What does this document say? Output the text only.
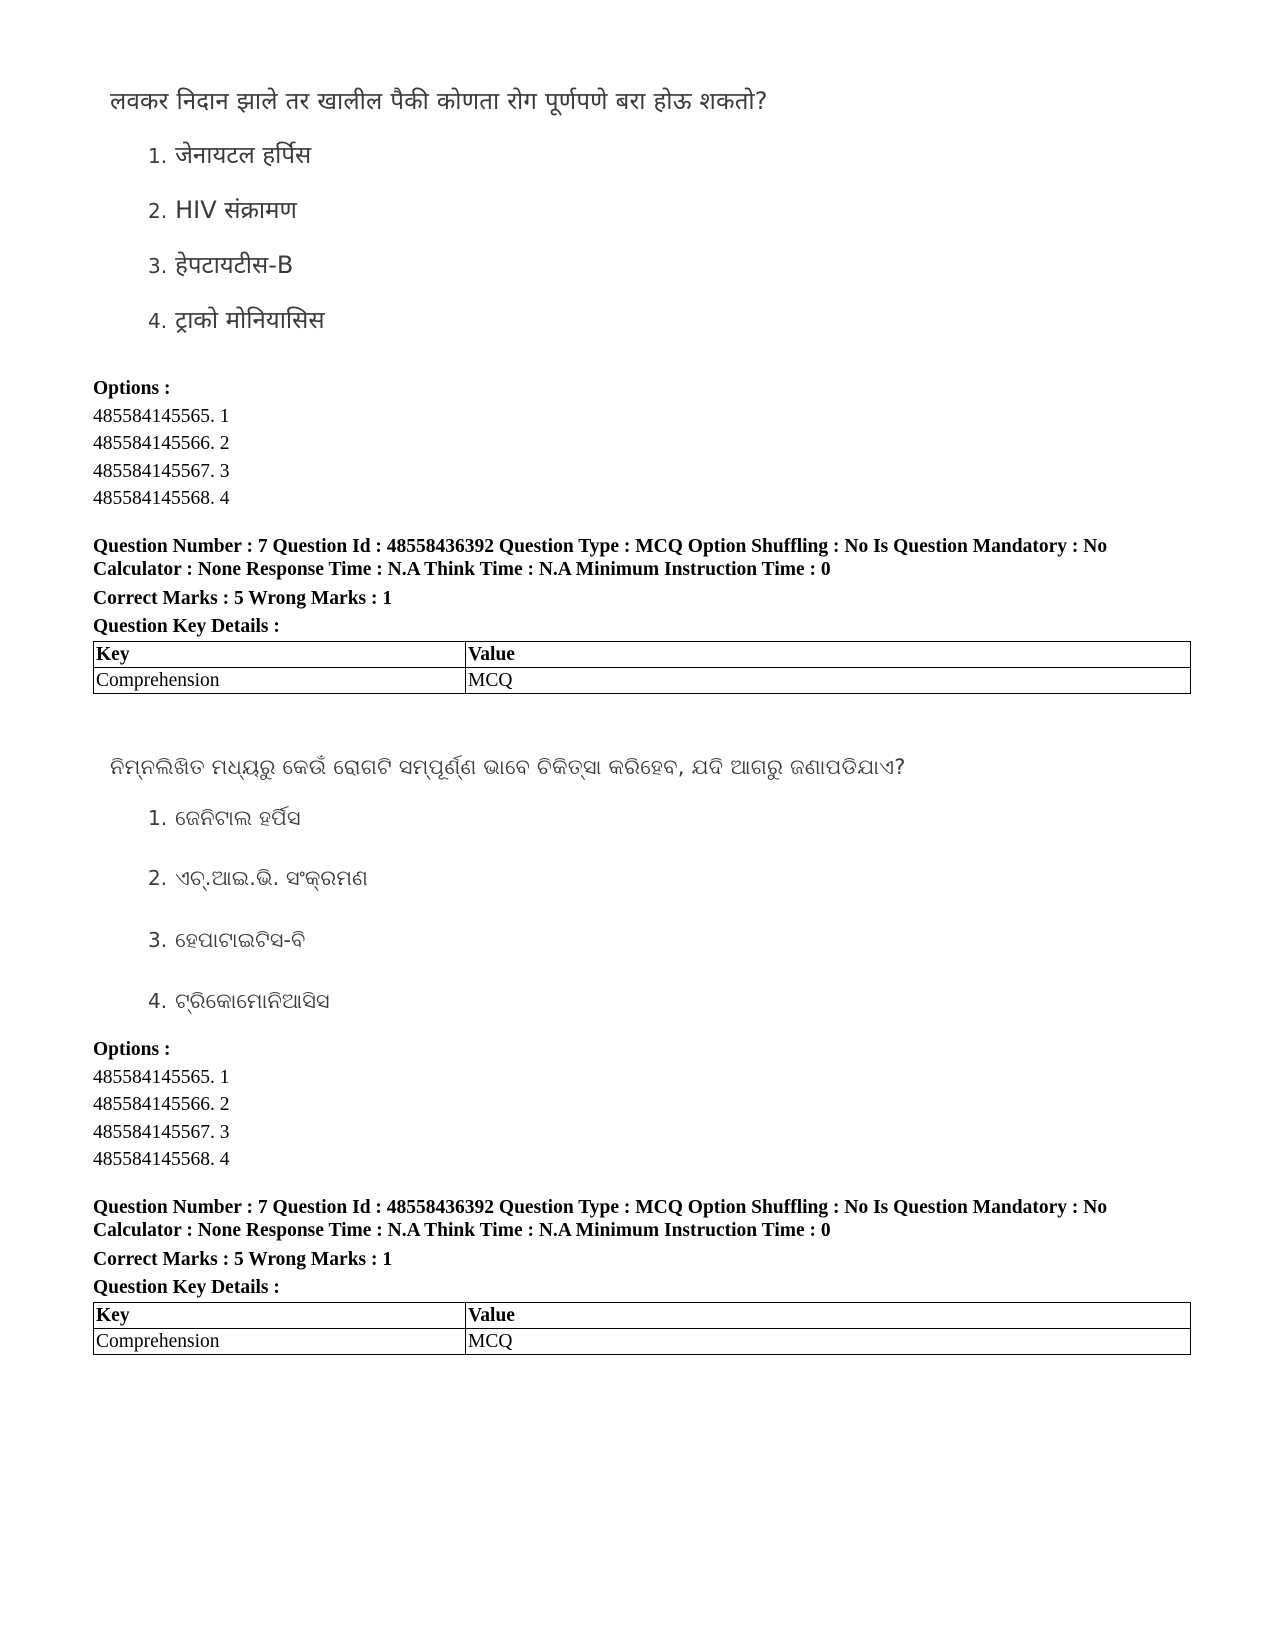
लवकर निदान झाले तर खालील पैकी कोणता रोग पूर्णपणे बरा होऊ शकतो?
1. जेनायटल हर्पिस
2. HIV संक्रामण
3. हेपटायटीस-B
4. ट्राको मोनियासिस
Options :
485584145565. 1
485584145566. 2
485584145567. 3
485584145568. 4
Question Number : 7 Question Id : 48558436392 Question Type : MCQ Option Shuffling : No Is Question Mandatory : No
Calculator : None Response Time : N.A Think Time : N.A Minimum Instruction Time : 0
Correct Marks : 5 Wrong Marks : 1
Question Key Details :
Key	Value
Comprehension	MCQ
ନିମ୍ନଲିଖିତ ମଧ୍ୟରୁ କେଉଁ ରୋଗଟି ସମ୍ପୂର୍ଣ୍ଣ ଭାବେ ଚିକିତ୍ସା କରିହେବ, ଯଦି ଆଗରୁ ଜଣାପଡିଯାଏ?
1. ଜେନିଟାଲ ହର୍ପିସ
2. ଏଚ୍.ଆଇ.ଭି. ସଂକ୍ରମଣ
3. ହେପାଟାଇଟିସ-ବି
4. ଟ୍ରିକୋମୋନିଆସିସ
Options :
485584145565. 1
485584145566. 2
485584145567. 3
485584145568. 4
Question Number : 7 Question Id : 48558436392 Question Type : MCQ Option Shuffling : No Is Question Mandatory : No
Calculator : None Response Time : N.A Think Time : N.A Minimum Instruction Time : 0
Correct Marks : 5 Wrong Marks : 1
Question Key Details :
Key	Value
Comprehension	MCQ
